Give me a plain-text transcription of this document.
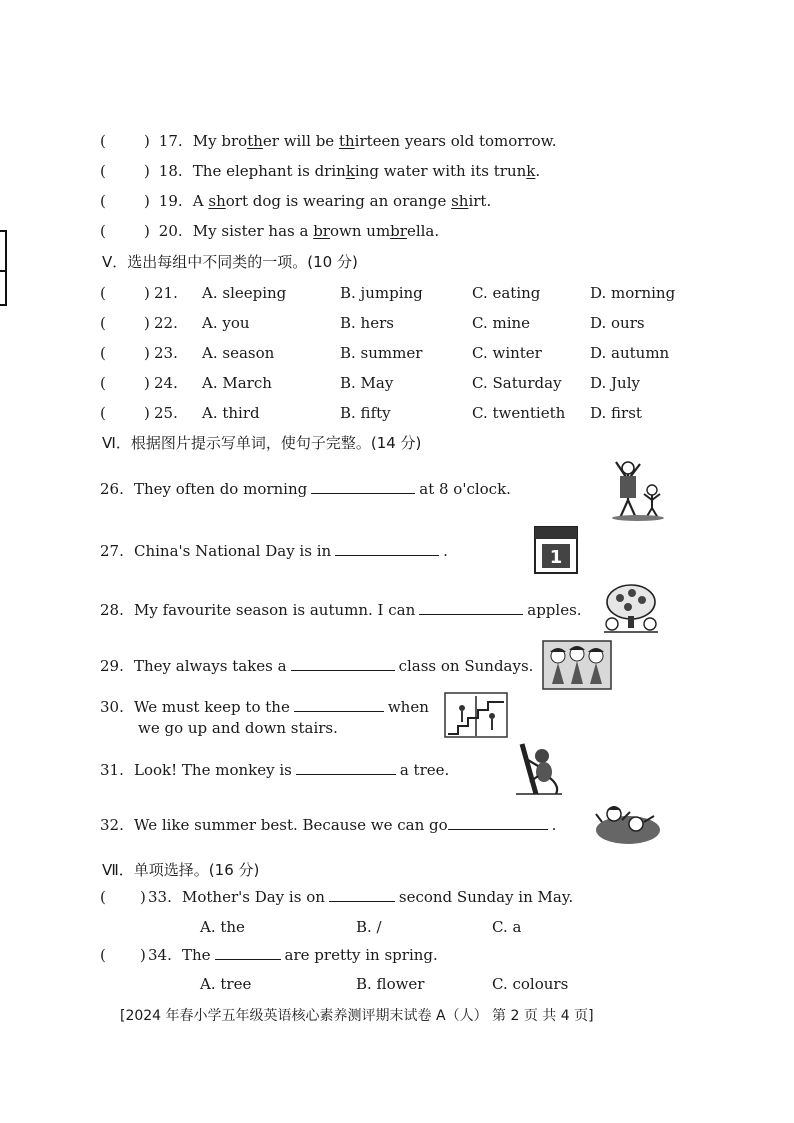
(	) 17. My brother will be thirteen years old tomorrow.
(	) 18. The elephant is drinking water with its trunk.
(	) 19. A short dog is wearing an orange shirt.
(	) 20. My sister has a brown umbrella.
V．选出每组中不同类的一项。(10 分)
(	) 21. A. sleeping	B. jumping	C. eating	D. morning
(	) 22. A. you	B. hers	C. mine	D. ours
(	) 23. A. season	B. summer	C. winter	D. autumn
(	) 24. A. March	B. May	C. Saturday D. July
(	) 25. A. third	B. fifty	C. twentieth D. first
Ⅵ．根据图片提示写单词，使句子完整。(14 分)
26. They often do morning	at 8 o'clock.
27. China's National Day is in	.	1
28. My favourite season is autumn. I can	apples.
29. They always takes a	class on Sundays.
30. We must keep to the	when
we go up and down stairs.
31. Look! The monkey is	a tree.
32. We like summer best. Because we can go	.
Ⅶ．单项选择。(16 分)
( ) 33. Mother's Day is on	second Sunday in May.
A. the	B. /	C. a
( ) 34. The	are pretty in spring.
A. tree	B. flower	C. colours
[2024 年春小学五年级英语核心素养测评期末试卷 A（人） 第 2 页 共 4 页]
